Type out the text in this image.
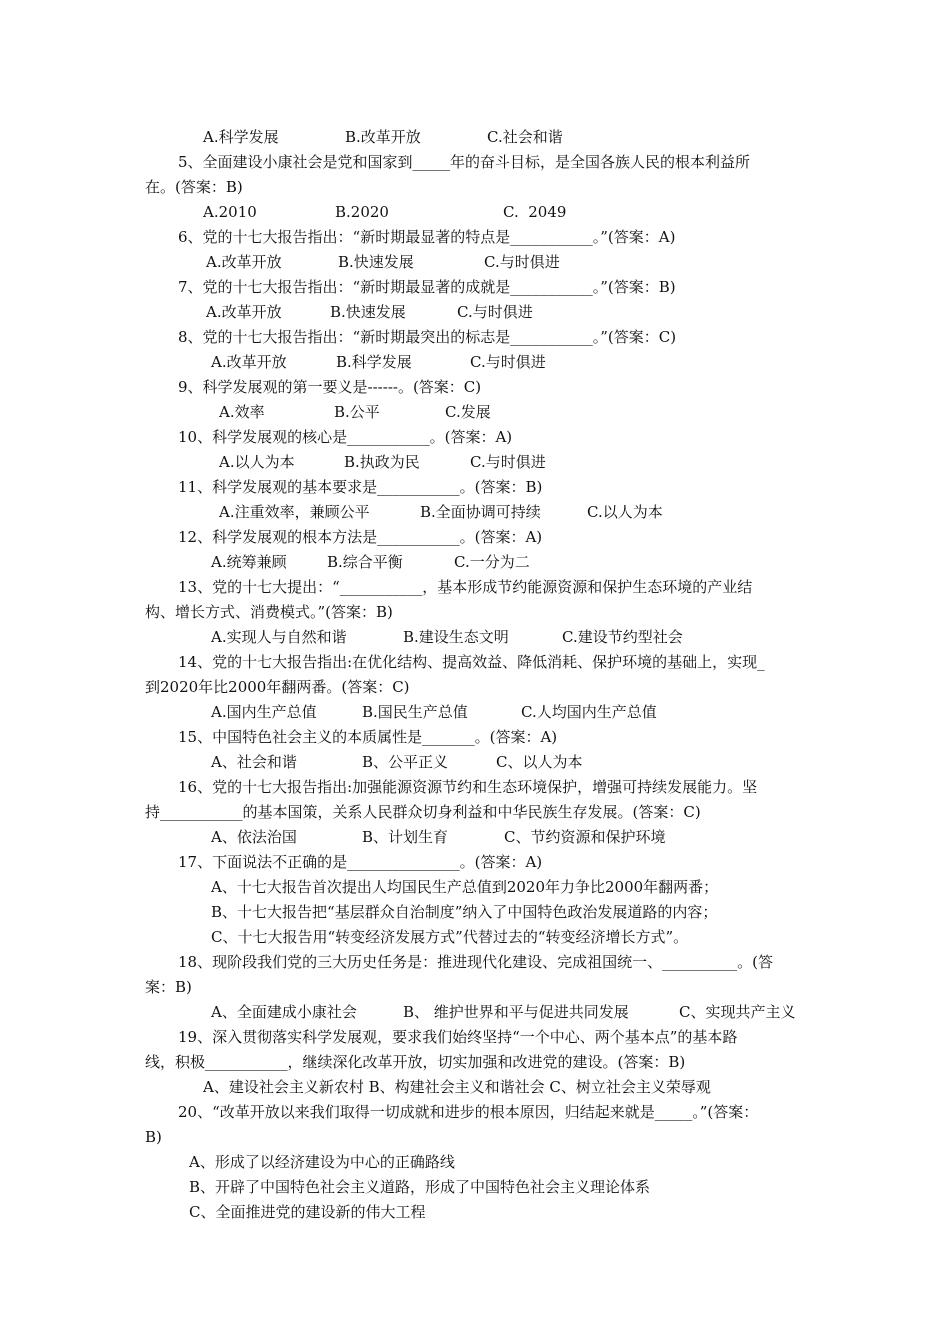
A.科学发展	B.改革开放	C.社会和谐
5、全面建设小康社会是党和国家到_____年的奋斗目标，是全国各族人民的根本利益所
在。(答案：B)
A.2010	B.2020	C.  2049
6、党的十七大报告指出：“新时期最显著的特点是___________。”(答案：A)
A.改革开放	B.快速发展	C.与时俱进
7、党的十七大报告指出：“新时期最显著的成就是___________。”(答案：B)
A.改革开放	B.快速发展	C.与时俱进
8、党的十七大报告指出：“新时期最突出的标志是___________。”(答案：C)
A.改革开放	B.科学发展	C.与时俱进
9、科学发展观的第一要义是------。(答案：C)
A.效率	B.公平	C.发展
10、科学发展观的核心是___________。(答案：A)
A.以人为本	B.执政为民	C.与时俱进
11、科学发展观的基本要求是___________。(答案：B)
A.注重效率，兼顾公平	B.全面协调可持续	C.以人为本
12、科学发展观的根本方法是___________。(答案：A)
A.统筹兼顾	B.综合平衡	C.一分为二
13、党的十七大提出：“___________，基本形成节约能源资源和保护生态环境的产业结
构、增长方式、消费模式。”(答案：B)
A.实现人与自然和谐	B.建设生态文明	C.建设节约型社会
14、党的十七大报告指出:在优化结构、提高效益、降低消耗、保护环境的基础上，实现_
到2020年比2000年翻两番。(答案：C)
A.国内生产总值	B.国民生产总值	C.人均国内生产总值
15、中国特色社会主义的本质属性是_______。(答案：A)
A、社会和谐	B、公平正义	C、以人为本
16、党的十七大报告指出:加强能源资源节约和生态环境保护，增强可持续发展能力。坚
持___________的基本国策，关系人民群众切身利益和中华民族生存发展。(答案：C)
A、依法治国	B、计划生育	C、节约资源和保护环境
17、下面说法不正确的是_______________。(答案：A)
A、十七大报告首次提出人均国民生产总值到2020年力争比2000年翻两番；
B、十七大报告把“基层群众自治制度”纳入了中国特色政治发展道路的内容；
C、十七大报告用“转变经济发展方式”代替过去的“转变经济增长方式”。
18、现阶段我们党的三大历史任务是：推进现代化建设、完成祖国统一、__________。(答
案：B)
A、全面建成小康社会	B、 维护世界和平与促进共同发展	C、实现共产主义
19、深入贯彻落实科学发展观，要求我们始终坚持“一个中心、两个基本点”的基本路
线，积极___________，继续深化改革开放，切实加强和改进党的建设。(答案：B)
A、建设社会主义新农村 B、构建社会主义和谐社会 C、树立社会主义荣辱观
20、“改革开放以来我们取得一切成就和进步的根本原因，归结起来就是_____。”(答案：
B)
A、形成了以经济建设为中心的正确路线
B、开辟了中国特色社会主义道路，形成了中国特色社会主义理论体系
C、全面推进党的建设新的伟大工程
